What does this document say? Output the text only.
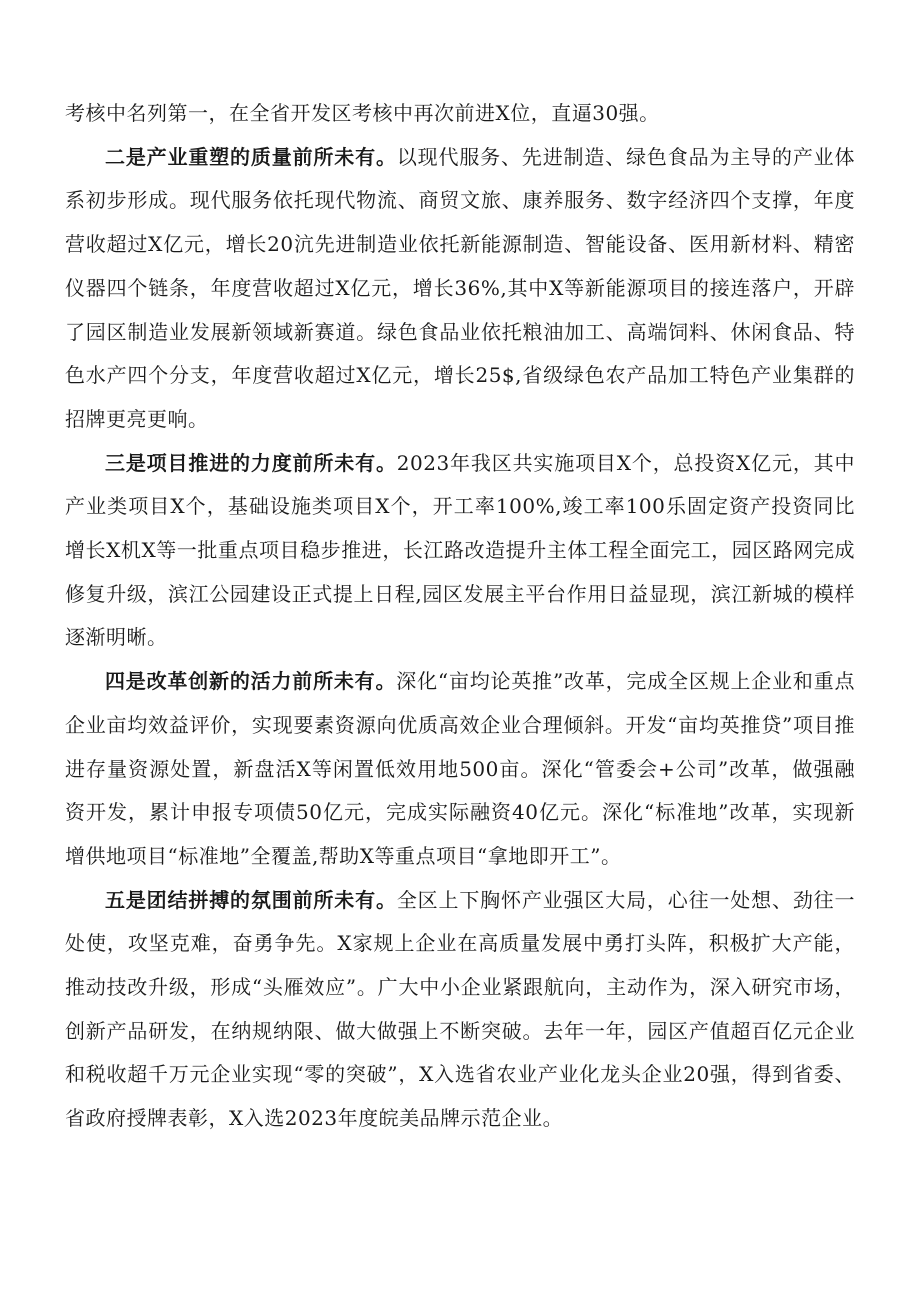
考核中名列第一，在全省开发区考核中再次前进X位，直逼30强。

二是产业重塑的质量前所未有。以现代服务、先进制造、绿色食品为主导的产业体系初步形成。现代服务依托现代物流、商贸文旅、康养服务、数字经济四个支撑，年度营收超过X亿元，增长20沆先进制造业依托新能源制造、智能设备、医用新材料、精密仪器四个链条，年度营收超过X亿元，增长36%,其中X等新能源项目的接连落户，开辟了园区制造业发展新领域新赛道。绿色食品业依托粮油加工、高端饲料、休闲食品、特色水产四个分支，年度营收超过X亿元，增长25$,省级绿色农产品加工特色产业集群的招牌更亮更响。

三是项目推进的力度前所未有。2023年我区共实施项目X个，总投资X亿元，其中产业类项目X个，基础设施类项目X个，开工率100%,竣工率100乐固定资产投资同比增长X机X等一批重点项目稳步推进，长江路改造提升主体工程全面完工，园区路网完成修复升级，滨江公园建设正式提上日程,园区发展主平台作用日益显现，滨江新城的模样逐渐明晰。

四是改革创新的活力前所未有。深化“亩均论英推”改革，完成全区规上企业和重点企业亩均效益评价，实现要素资源向优质高效企业合理倾斜。开发“亩均英推贷”项目推进存量资源处置，新盘活X等闲置低效用地500亩。深化“管委会+公司”改革，做强融资开发，累计申报专项债50亿元，完成实际融资40亿元。深化“标准地”改革，实现新增供地项目“标准地”全覆盖,帮助X等重点项目“拿地即开工”。

五是团结拼搏的氛围前所未有。全区上下胸怀产业强区大局，心往一处想、劲往一处使，攻坚克难，奋勇争先。X家规上企业在高质量发展中勇打头阵，积极扩大产能，推动技改升级，形成“头雁效应”。广大中小企业紧跟航向，主动作为，深入研究市场，创新产品研发，在纳规纳限、做大做强上不断突破。去年一年，园区产值超百亿元企业和税收超千万元企业实现“零的突破”，X入选省农业产业化龙头企业20强，得到省委、省政府授牌表彰，X入选2023年度皖美品牌示范企业。
